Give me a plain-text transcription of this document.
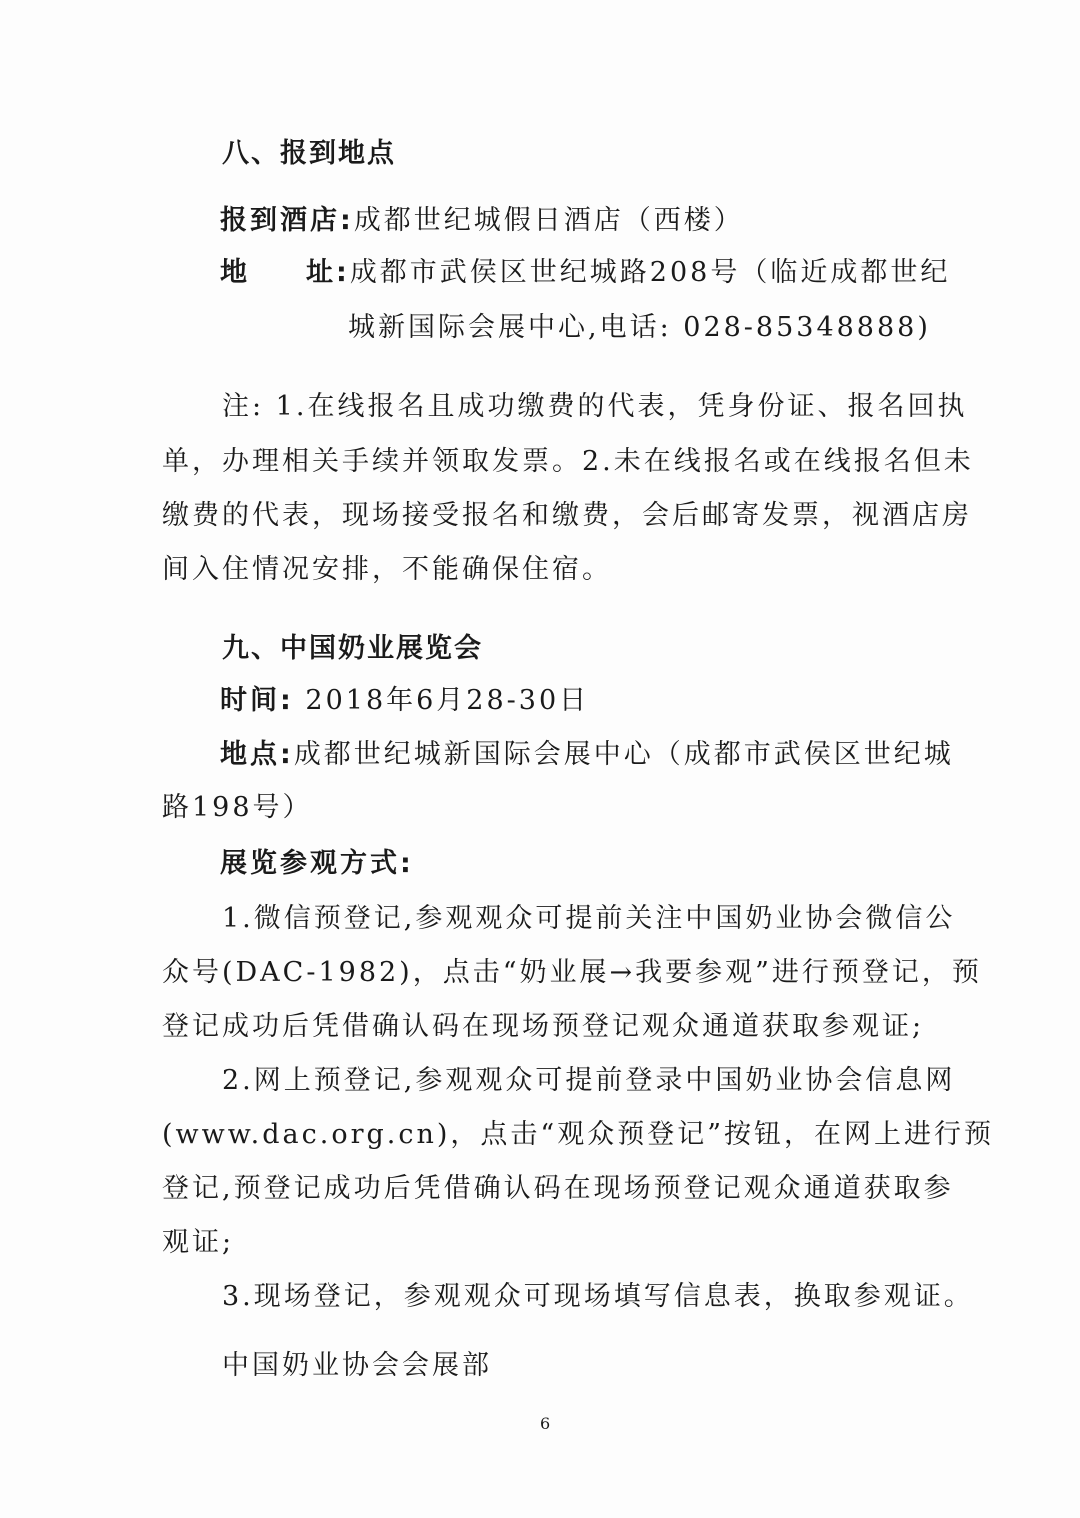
八、报到地点
报到酒店:成都世纪城假日酒店（西楼）
地 址:成都市武侯区世纪城路208号（临近成都世纪
城新国际会展中心,电话: 028-85348888)
注: 1.在线报名且成功缴费的代表，凭身份证、报名回执
单，办理相关手续并领取发票。2.未在线报名或在线报名但未
缴费的代表，现场接受报名和缴费，会后邮寄发票，视酒店房
间入住情况安排，不能确保住宿。
九、中国奶业展览会
时间: 2018年6月28-30日
地点:成都世纪城新国际会展中心（成都市武侯区世纪城
路198号）
展览参观方式:
1.微信预登记,参观观众可提前关注中国奶业协会微信公
众号(DAC-1982)，点击“奶业展→我要参观”进行预登记，预
登记成功后凭借确认码在现场预登记观众通道获取参观证;
2.网上预登记,参观观众可提前登录中国奶业协会信息网
(www.dac.org.cn)，点击“观众预登记”按钮，在网上进行预
登记,预登记成功后凭借确认码在现场预登记观众通道获取参
观证;
3.现场登记，参观观众可现场填写信息表，换取参观证。
中国奶业协会会展部
6
